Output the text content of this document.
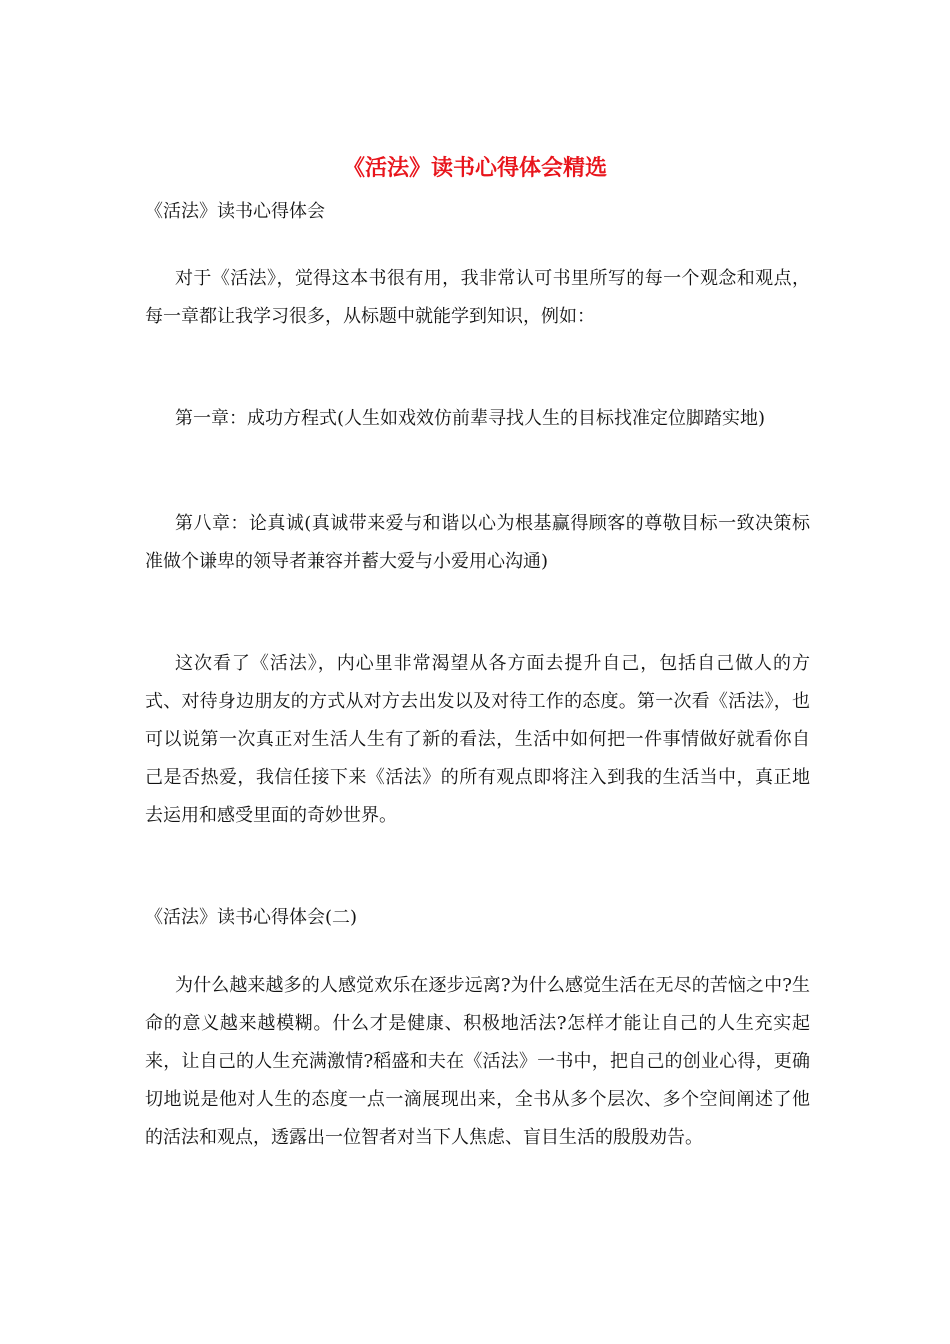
《活法》读书心得体会精选
《活法》读书心得体会
对于《活法》，觉得这本书很有用，我非常认可书里所写的每一个观念和观点，每一章都让我学习很多，从标题中就能学到知识，例如：
第一章：成功方程式(人生如戏效仿前辈寻找人生的目标找准定位脚踏实地)
第八章：论真诚(真诚带来爱与和谐以心为根基赢得顾客的尊敬目标一致决策标准做个谦卑的领导者兼容并蓄大爱与小爱用心沟通)
这次看了《活法》，内心里非常渴望从各方面去提升自己，包括自己做人的方式、对待身边朋友的方式从对方去出发以及对待工作的态度。第一次看《活法》，也可以说第一次真正对生活人生有了新的看法，生活中如何把一件事情做好就看你自己是否热爱，我信任接下来《活法》的所有观点即将注入到我的生活当中，真正地去运用和感受里面的奇妙世界。
《活法》读书心得体会(二)
为什么越来越多的人感觉欢乐在逐步远离?为什么感觉生活在无尽的苦恼之中?生命的意义越来越模糊。什么才是健康、积极地活法?怎样才能让自己的人生充实起来，让自己的人生充满激情?稻盛和夫在《活法》一书中，把自己的创业心得，更确切地说是他对人生的态度一点一滴展现出来，全书从多个层次、多个空间阐述了他的活法和观点，透露出一位智者对当下人焦虑、盲目生活的殷殷劝告。
